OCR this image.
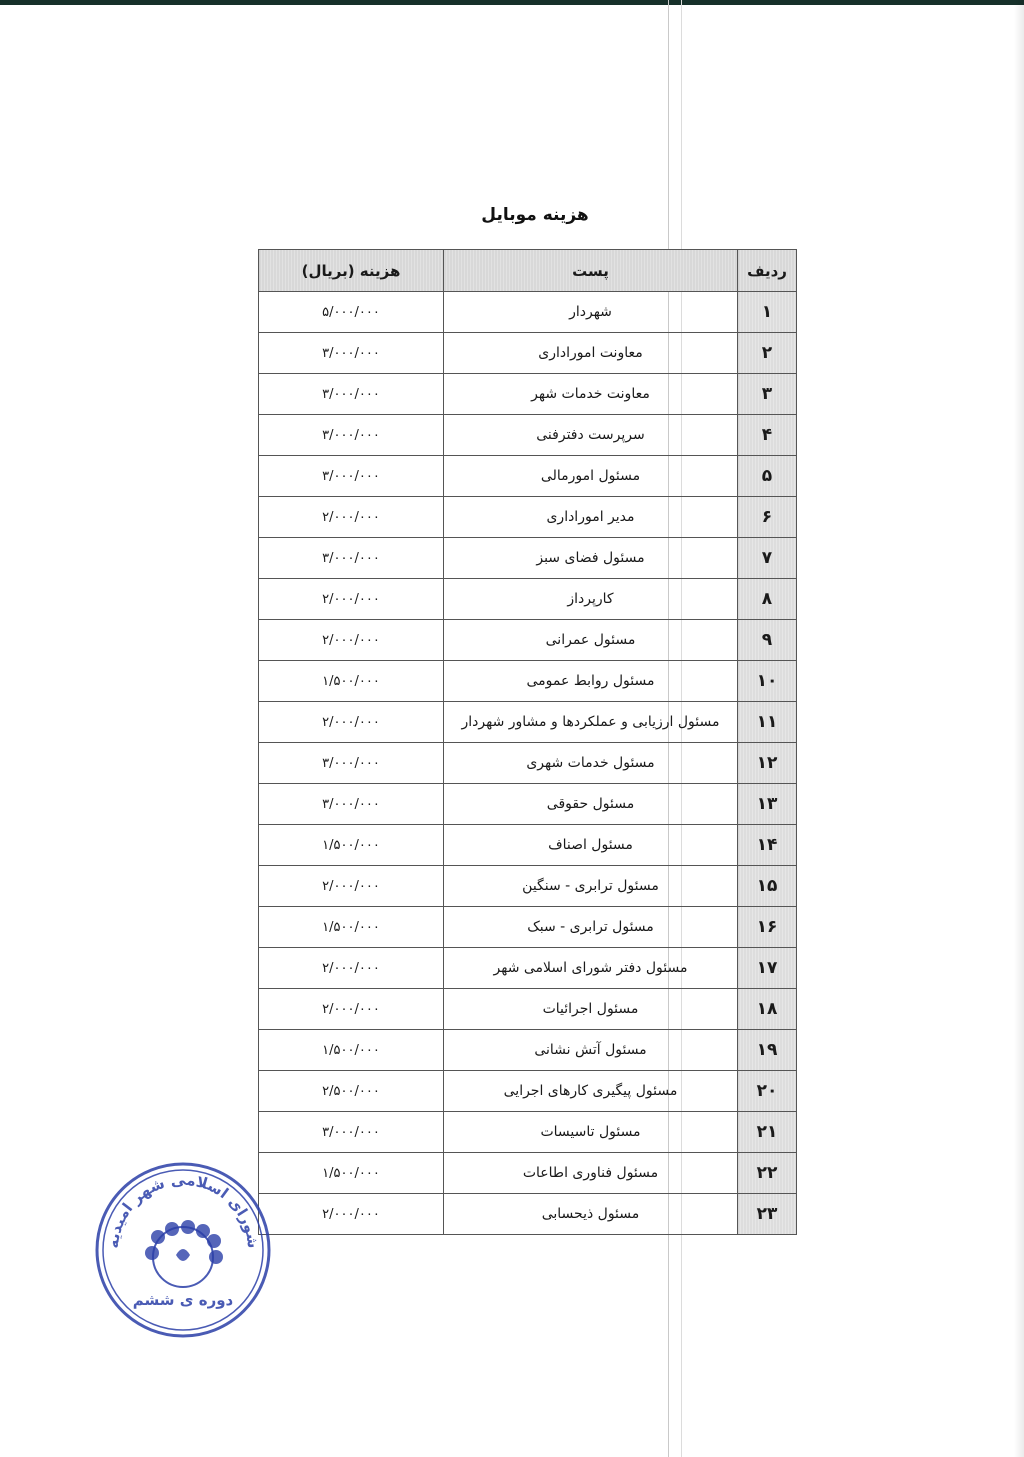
هزینه موبایل
ردیف	پست	هزینه (بریال)
۱	شهردار	۵/۰۰۰/۰۰۰
۲	معاونت اموراداری	۳/۰۰۰/۰۰۰
۳	معاونت خدمات شهر	۳/۰۰۰/۰۰۰
۴	سرپرست دفترفنی	۳/۰۰۰/۰۰۰
۵	مسئول امورمالی	۳/۰۰۰/۰۰۰
۶	مدیر اموراداری	۲/۰۰۰/۰۰۰
۷	مسئول فضای سبز	۳/۰۰۰/۰۰۰
۸	کارپرداز	۲/۰۰۰/۰۰۰
۹	مسئول عمرانی	۲/۰۰۰/۰۰۰
۱۰	مسئول روابط عمومی	۱/۵۰۰/۰۰۰
۱۱	مسئول ارزیابی و عملکردها و مشاور شهردار	۲/۰۰۰/۰۰۰
۱۲	مسئول خدمات شهری	۳/۰۰۰/۰۰۰
۱۳	مسئول حقوقی	۳/۰۰۰/۰۰۰
۱۴	مسئول اصناف	۱/۵۰۰/۰۰۰
۱۵	مسئول ترابری - سنگین	۲/۰۰۰/۰۰۰
۱۶	مسئول ترابری - سبک	۱/۵۰۰/۰۰۰
۱۷	مسئول دفتر شورای اسلامی شهر	۲/۰۰۰/۰۰۰
۱۸	مسئول اجرائیات	۲/۰۰۰/۰۰۰
۱۹	مسئول آتش نشانی	۱/۵۰۰/۰۰۰
۲۰	مسئول پیگیری کارهای اجرایی	۲/۵۰۰/۰۰۰
۲۱	مسئول تاسیسات	۳/۰۰۰/۰۰۰
۲۲	مسئول فناوری اطاعات	۱/۵۰۰/۰۰۰
۲۳	مسئول ذیحسابی	۲/۰۰۰/۰۰۰
شورای اسلامی شهر امیدیه
دوره ی ششم
